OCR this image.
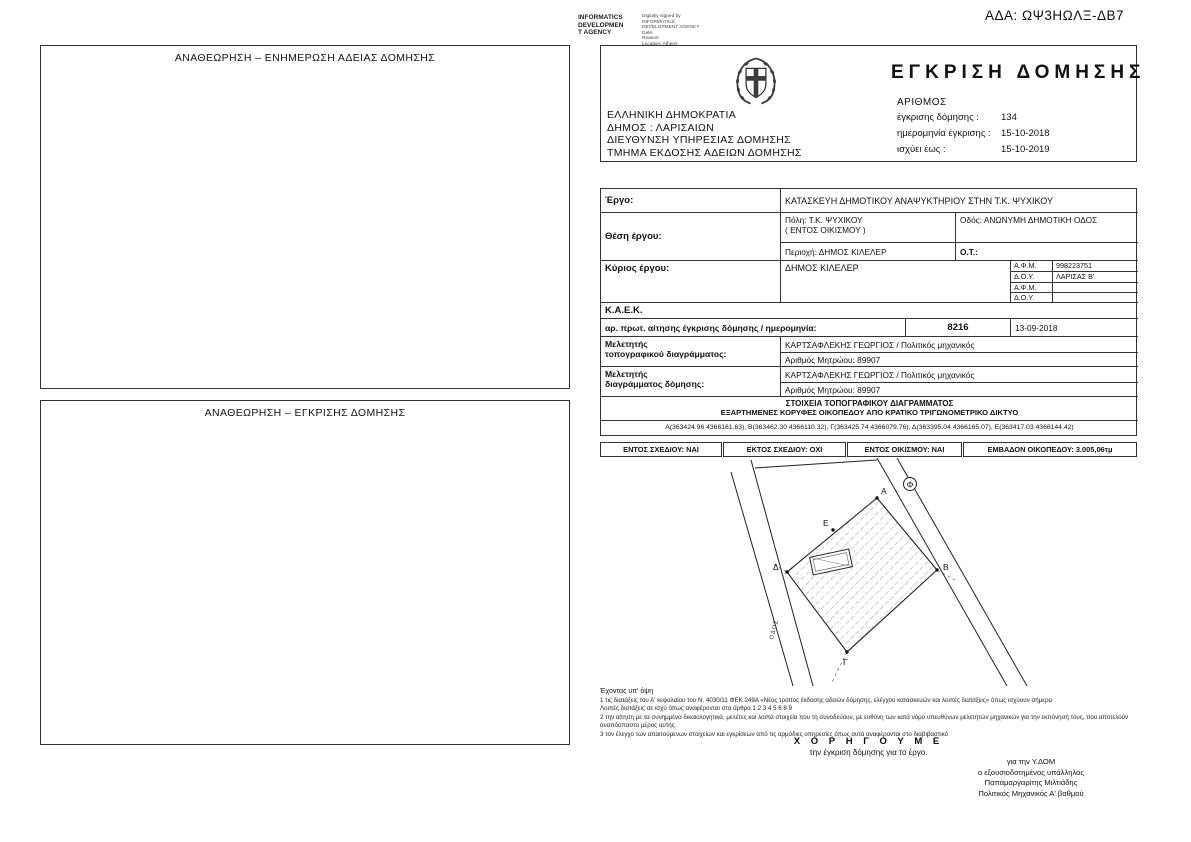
ΑΔΑ: ΩΨ3ΗΩΛΞ-ΔΒ7
INFORMATICS
DEVELOPMEN
T AGENCY
Digitally signed by
INFORMATICS
DEVELOPMENT AGENCY
Date:
Reason:
ΑΝΑΘΕΩΡΗΣΗ – ΕΝΗΜΕΡΩΣΗ ΑΔΕΙΑΣ ΔΟΜΗΣΗΣ
ΑΝΑΘΕΩΡΗΣΗ – ΕΓΚΡΙΣΗΣ ΔΟΜΗΣΗΣ
ΕΛΛΗΝΙΚΗ ΔΗΜΟΚΡΑΤΙΑ
ΔΗΜΟΣ : ΛΑΡΙΣΑΙΩΝ
ΔΙΕΥΘΥΝΣΗ ΥΠΗΡΕΣΙΑΣ ΔΟΜΗΣΗΣ
ΤΜΗΜΑ ΕΚΔΟΣΗΣ ΑΔΕΙΩΝ ΔΟΜΗΣΗΣ
ΕΓΚΡΙΣΗ ΔΟΜΗΣΗΣ
ΑΡΙΘΜΟΣ
έγκρισης δόμησης :	134
ημερομηνία έγκρισης :	15-10-2018
ισχύει έως :	15-10-2019
Έργο:	ΚΑΤΑΣΚΕΥΗ ΔΗΜΟΤΙΚΟΥ ΑΝΑΨΥΚΤΗΡΙΟΥ ΣΤΗΝ Τ.Κ. ΨΥΧΙΚΟΥ
Θέση έργου:
Πόλη: Τ.Κ. ΨΥΧΙΚΟΥ
( ΕΝΤΟΣ ΟΙΚΙΣΜΟΥ )
Οδός: ΑΝΩΝΥΜΗ ΔΗΜΟΤΙΚΗ ΟΔΟΣ
Περιοχή: ΔΗΜΟΣ ΚΙΛΕΛΕΡ	Ο.Τ.:
Κύριος έργου:	ΔΗΜΟΣ ΚΙΛΕΛΕΡ	Α.Φ.Μ.	998223751
Δ.Ο.Υ.	ΛΑΡΙΣΑΣ Β'
Α.Φ.Μ.
Δ.Ο.Υ.
Κ.Α.Ε.Κ.
αρ. πρωτ. αίτησης έγκρισης δόμησης / ημερομηνία:	8216	13-09-2018
Μελετητής
τοπογραφικού διαγράμματος:
ΚΑΡΤΣΑΦΛΕΚΗΣ ΓΕΩΡΓΙΟΣ / Πολιτικός μηχανικός
Αριθμός Μητρώου: 89907
Μελετητής
διαγράμματος δόμησης:
ΚΑΡΤΣΑΦΛΕΚΗΣ ΓΕΩΡΓΙΟΣ / Πολιτικός μηχανικός
Αριθμός Μητρώου: 89907
ΣΤΟΙΧΕΙΑ ΤΟΠΟΓΡΑΦΙΚΟΥ ΔΙΑΓΡΑΜΜΑΤΟΣ
ΕΞΑΡΤΗΜΕΝΕΣ ΚΟΡΥΦΕΣ ΟΙΚΟΠΕΔΟΥ ΑΠΟ ΚΡΑΤΙΚΟ ΤΡΙΓΩΝΟΜΕΤΡΙΚΟ ΔΙΚΤΥΟ
Α(363424.96 4366161.63), Β(363462.30 4366110.32), Γ(363425.74 4366079.76), Δ(363395.04 4366165.07), Ε(363417.03 4366144.42)
ΕΝΤΟΣ ΣΧΕΔΙΟΥ: ΝΑΙ	ΕΚΤΟΣ ΣΧΕΔΙΟΥ: ΟΧΙ	ΕΝΤΟΣ ΟΙΚΙΣΜΟΥ: ΝΑΙ	ΕΜΒΑΔΟΝ ΟΙΚΟΠΕΔΟΥ: 3.005,06τμ
Α
Β
Γ
Δ
Ε
Φ
ΟΔΟΣ
Έχοντας υπ' όψη
1 τις διατάξεις του Α' κεφαλαίου του Ν. 4030/11 ΦΕΚ 249Α «Νέος τρόπος έκδοσης αδειών δόμησης, ελέγχου κατασκευών και λοιπές διατάξεις» όπως ισχύουν σήμερα
Λοιπές διατάξεις σε ισχύ όπως αναφέρονται στα άρθρα 1 2 3 4 5 6 8 9
2 την αίτηση με τα συνημμένα δικαιολογητικά, μελέτες και λοιπά στοιχεία που τη συνοδεύουν, με ευθύνη των κατά νόμο υπευθύνων μελετητών μηχανικών για την εκπόνησή τους, που αποτελούν αναπόσπαστο μέρος αυτής
3 τον έλεγχο των απαιτούμενων στοιχείων και εγκρίσεων από τις αρμόδιες υπηρεσίες όπως αυτά αναφέρονται στο διαβιβαστικό
Χ Ο Ρ Η Γ Ο Υ Μ Ε
την έγκριση δόμησης για το έργο.
για την Υ.ΔΟΜ
ο εξουσιοδοτημένος υπάλληλος
Παπαμαργαρίτης Μιλτιάδης
Πολιτικός Μηχανικός Α' βαθμού
